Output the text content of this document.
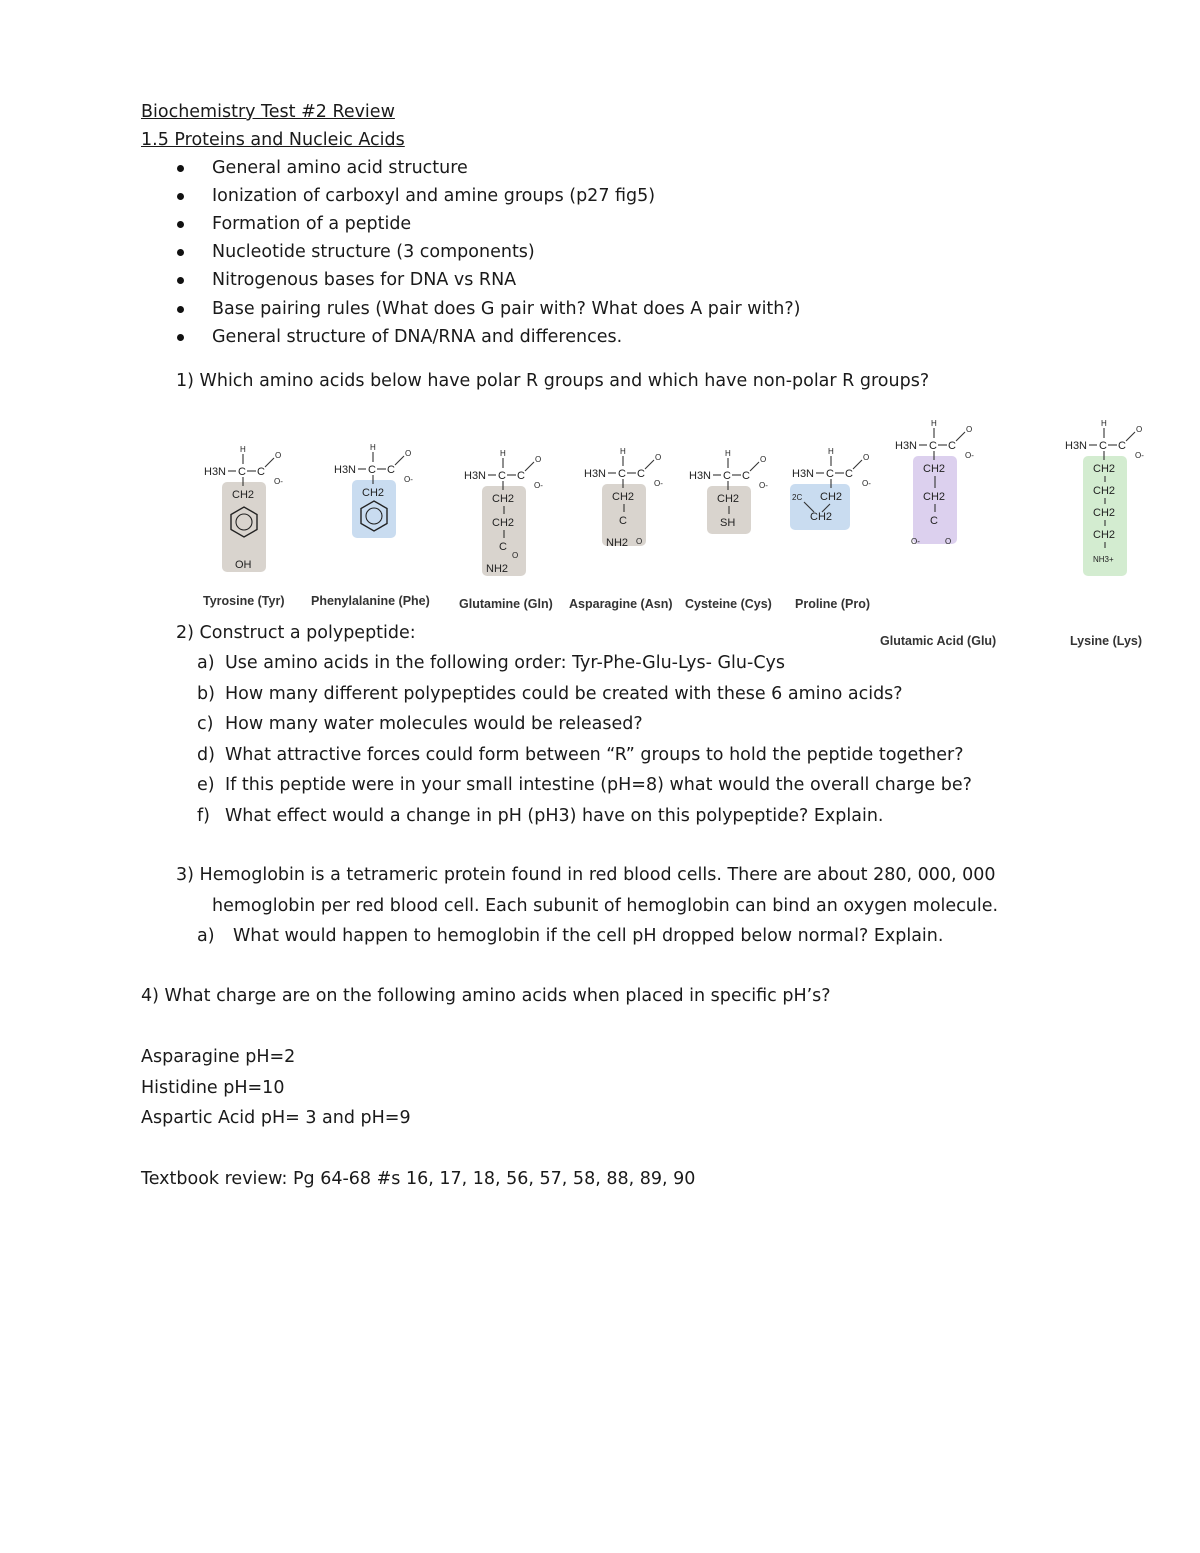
Biochemistry Test #2 Review
1.5 Proteins and Nucleic Acids
General amino acid structure
Ionization of carboxyl and amine groups (p27 fig5)
Formation of a peptide
Nucleotide structure (3 components)
Nitrogenous bases for DNA vs RNA
Base pairing rules (What does G pair with? What does A pair with?)
General structure of DNA/RNA and differences.
1) Which amino acids below have polar R groups and which have non-polar R groups?
H
H3N C C
O
O-
CH2
OH
H
H3N C C
O
O-
CH2
H
H3N C C
O
O-
CH2
CH2
C
O
NH2
H
H3N C C
O
O-
CH2
C
O
NH2
H
H3N C C
O
O-
CH2
SH
H
H3N C C
O
O-
2C CH2
CH2
H
H3N C C
O
O-
CH2
CH2
C
O-	O
H
H3N C C
O
O-
CH2
CH2
CH2
CH2
NH3+
Tyrosine (Tyr) Phenylalanine (Phe) Glutamine (Gln) Asparagine (Asn) Cysteine (Cys) Proline (Pro)
Glutamic Acid (Glu)	Lysine (Lys)
2) Construct a polypeptide:
a) Use amino acids in the following order: Tyr-Phe-Glu-Lys- Glu-Cys
b) How many different polypeptides could be created with these 6 amino acids?
c) How many water molecules would be released?
d) What attractive forces could form between “R” groups to hold the peptide together?
e) If this peptide were in your small intestine (pH=8) what would the overall charge be?
f) What effect would a change in pH (pH3) have on this polypeptide? Explain.
3) Hemoglobin is a tetrameric protein found in red blood cells. There are about 280, 000, 000
hemoglobin per red blood cell. Each subunit of hemoglobin can bind an oxygen molecule.
a) What would happen to hemoglobin if the cell pH dropped below normal? Explain.
4) What charge are on the following amino acids when placed in specific pH’s?
Asparagine pH=2
Histidine pH=10
Aspartic Acid pH= 3 and pH=9
Textbook review: Pg 64-68 #s 16, 17, 18, 56, 57, 58, 88, 89, 90
